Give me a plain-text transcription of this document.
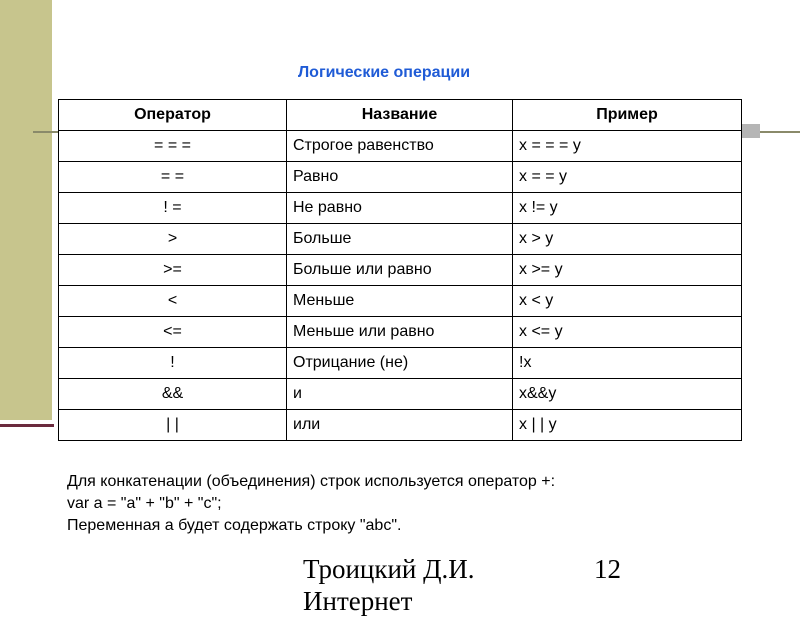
Логические операции
Оператор	Название	Пример
= = =	Строгое равенство	x = = = y
= =	Равно	x = = y
! =	Не равно	x != y
>	Больше	x > y
>=	Больше или равно	x >= y
<	Меньше	x < y
<=	Меньше или равно	x <= y
!	Отрицание (не)	!x
&&	и	x&&y
| |	или	x | | y
Для конкатенации (объединения) строк используется оператор +:
var a = "a" + "b" + "c";
Переменная a будет содержать строку "abc".
Троицкий Д.И.
Интернет
12
